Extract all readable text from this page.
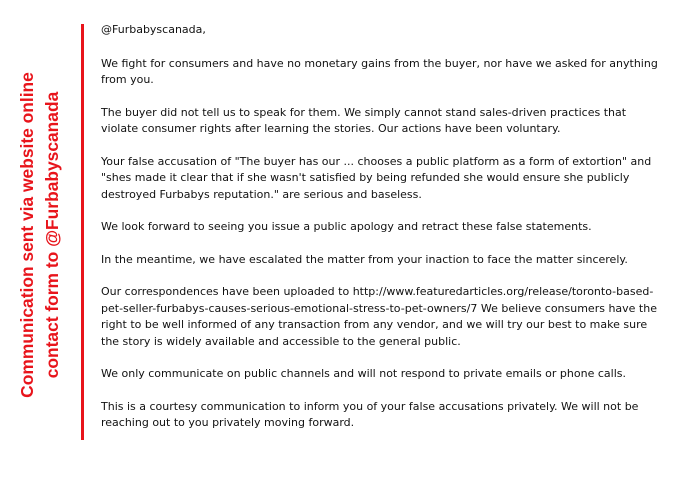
Communication sent via website online contact form to @Furbabyscanada

@Furbabyscanada,

We fight for consumers and have no monetary gains from the buyer, nor have we asked for anything from you.

The buyer did not tell us to speak for them. We simply cannot stand sales-driven practices that violate consumer rights after learning the stories. Our actions have been voluntary.

Your false accusation of "The buyer has our ... chooses a public platform as a form of extortion" and "shes made it clear that if she wasn't satisfied by being refunded she would ensure she publicly destroyed Furbabys reputation." are serious and baseless.

We look forward to seeing you issue a public apology and retract these false statements.

In the meantime, we have escalated the matter from your inaction to face the matter sincerely.

Our correspondences have been uploaded to http://www.featuredarticles.org/release/toronto-based-pet-seller-furbabys-causes-serious-emotional-stress-to-pet-owners/7 We believe consumers have the right to be well informed of any transaction from any vendor, and we will try our best to make sure the story is widely available and accessible to the general public.

We only communicate on public channels and will not respond to private emails or phone calls.

This is a courtesy communication to inform you of your false accusations privately. We will not be reaching out to you privately moving forward.
